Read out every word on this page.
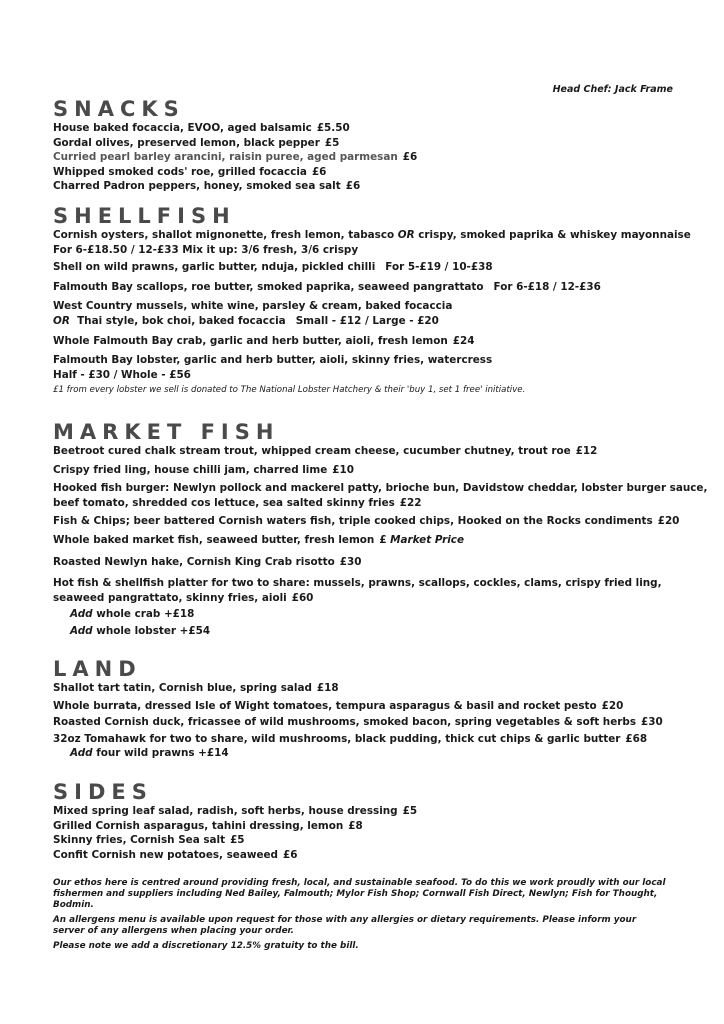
Head Chef: Jack Frame
SNACKS
House baked focaccia, EVOO, aged balsamic £5.50
Gordal olives, preserved lemon, black pepper £5
Curried pearl barley arancini, raisin puree, aged parmesan £6
Whipped smoked cods' roe, grilled focaccia £6
Charred Padron peppers, honey, smoked sea salt £6
SHELLFISH
Cornish oysters, shallot mignonette, fresh lemon, tabasco OR crispy, smoked paprika & whiskey mayonnaise
For 6-£18.50 / 12-£33 Mix it up: 3/6 fresh, 3/6 crispy
Shell on wild prawns, garlic butter, nduja, pickled chilli For 5-£19 / 10-£38
Falmouth Bay scallops, roe butter, smoked paprika, seaweed pangrattato For 6-£18 / 12-£36
West Country mussels, white wine, parsley & cream, baked focaccia
OR Thai style, bok choi, baked focaccia Small - £12 / Large - £20
Whole Falmouth Bay crab, garlic and herb butter, aioli, fresh lemon £24
Falmouth Bay lobster, garlic and herb butter, aioli, skinny fries, watercress
Half - £30 / Whole - £56
£1 from every lobster we sell is donated to The National Lobster Hatchery & their 'buy 1, set 1 free' initiative.
MARKET FISH
Beetroot cured chalk stream trout, whipped cream cheese, cucumber chutney, trout roe £12
Crispy fried ling, house chilli jam, charred lime £10
Hooked fish burger: Newlyn pollock and mackerel patty, brioche bun, Davidstow cheddar, lobster burger sauce,
beef tomato, shredded cos lettuce, sea salted skinny fries £22
Fish & Chips; beer battered Cornish waters fish, triple cooked chips, Hooked on the Rocks condiments £20
Whole baked market fish, seaweed butter, fresh lemon £ Market Price
Roasted Newlyn hake, Cornish King Crab risotto £30
Hot fish & shellfish platter for two to share: mussels, prawns, scallops, cockles, clams, crispy fried ling,
seaweed pangrattato, skinny fries, aioli £60
Add whole crab +£18
Add whole lobster +£54
LAND
Shallot tart tatin, Cornish blue, spring salad £18
Whole burrata, dressed Isle of Wight tomatoes, tempura asparagus & basil and rocket pesto £20
Roasted Cornish duck, fricassee of wild mushrooms, smoked bacon, spring vegetables & soft herbs £30
32oz Tomahawk for two to share, wild mushrooms, black pudding, thick cut chips & garlic butter £68
Add four wild prawns +£14
SIDES
Mixed spring leaf salad, radish, soft herbs, house dressing £5
Grilled Cornish asparagus, tahini dressing, lemon £8
Skinny fries, Cornish Sea salt £5
Confit Cornish new potatoes, seaweed £6
Our ethos here is centred around providing fresh, local, and sustainable seafood. To do this we work proudly with our local fishermen and suppliers including Ned Bailey, Falmouth; Mylor Fish Shop; Cornwall Fish Direct, Newlyn; Fish for Thought, Bodmin.
An allergens menu is available upon request for those with any allergies or dietary requirements. Please inform your server of any allergens when placing your order.
Please note we add a discretionary 12.5% gratuity to the bill.
